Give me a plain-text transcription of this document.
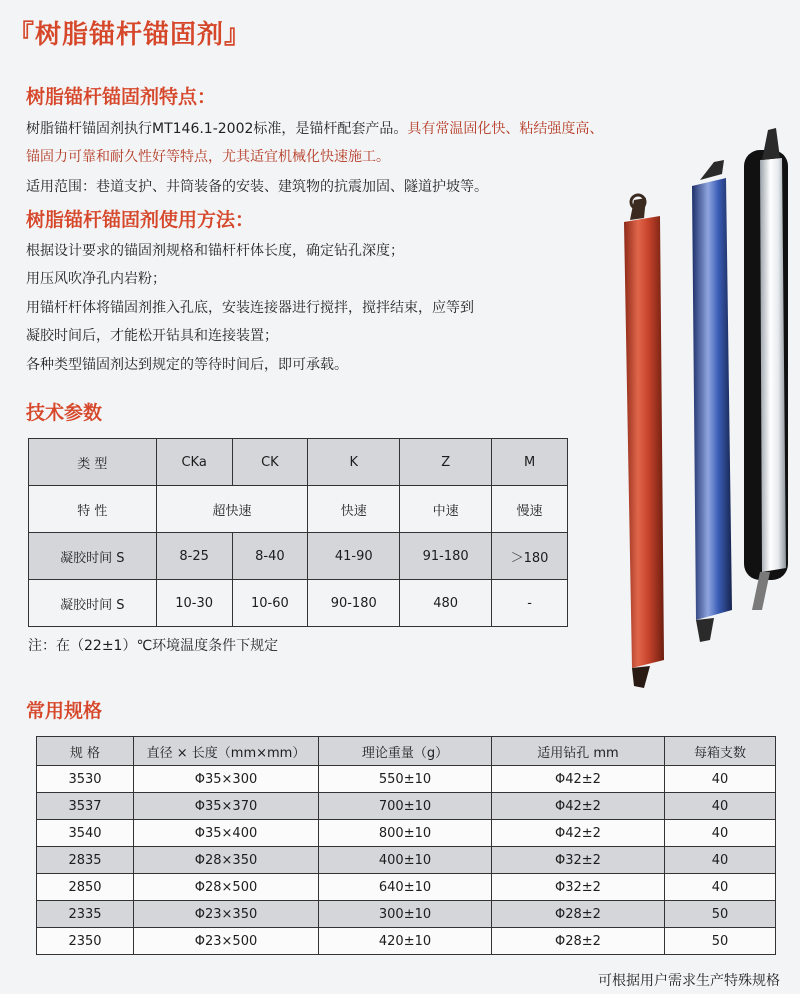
『树脂锚杆锚固剂』
树脂锚杆锚固剂特点：
树脂锚杆锚固剂执行MT146.1-2002标准，是锚杆配套产品。具有常温固化快、粘结强度高、
锚固力可靠和耐久性好等特点，尤其适宜机械化快速施工。
适用范围：巷道支护、井筒装备的安装、建筑物的抗震加固、隧道护坡等。
树脂锚杆锚固剂使用方法：
根据设计要求的锚固剂规格和锚杆杆体长度，确定钻孔深度；
用压风吹净孔内岩粉；
用锚杆杆体将锚固剂推入孔底，安装连接器进行搅拌，搅拌结束，应等到
凝胶时间后，才能松开钻具和连接装置；
各种类型锚固剂达到规定的等待时间后，即可承载。
技术参数
类 型	CKa	CK	K	Z	M
特 性	超快速		快速	中速	慢速
凝胶时间 S	8-25	8-40	41-90	91-180	＞180
凝胶时间 S	10-30	10-60	90-180	480	-
注：在（22±1）℃环境温度条件下规定
常用规格
规 格	直径 × 长度（mm×mm）	理论重量（g）	适用钻孔 mm	每箱支数
3530	Φ35×300	550±10	Φ42±2	40
3537	Φ35×370	700±10	Φ42±2	40
3540	Φ35×400	800±10	Φ42±2	40
2835	Φ28×350	400±10	Φ32±2	40
2850	Φ28×500	640±10	Φ32±2	40
2335	Φ23×350	300±10	Φ28±2	50
2350	Φ23×500	420±10	Φ28±2	50
可根据用户需求生产特殊规格
